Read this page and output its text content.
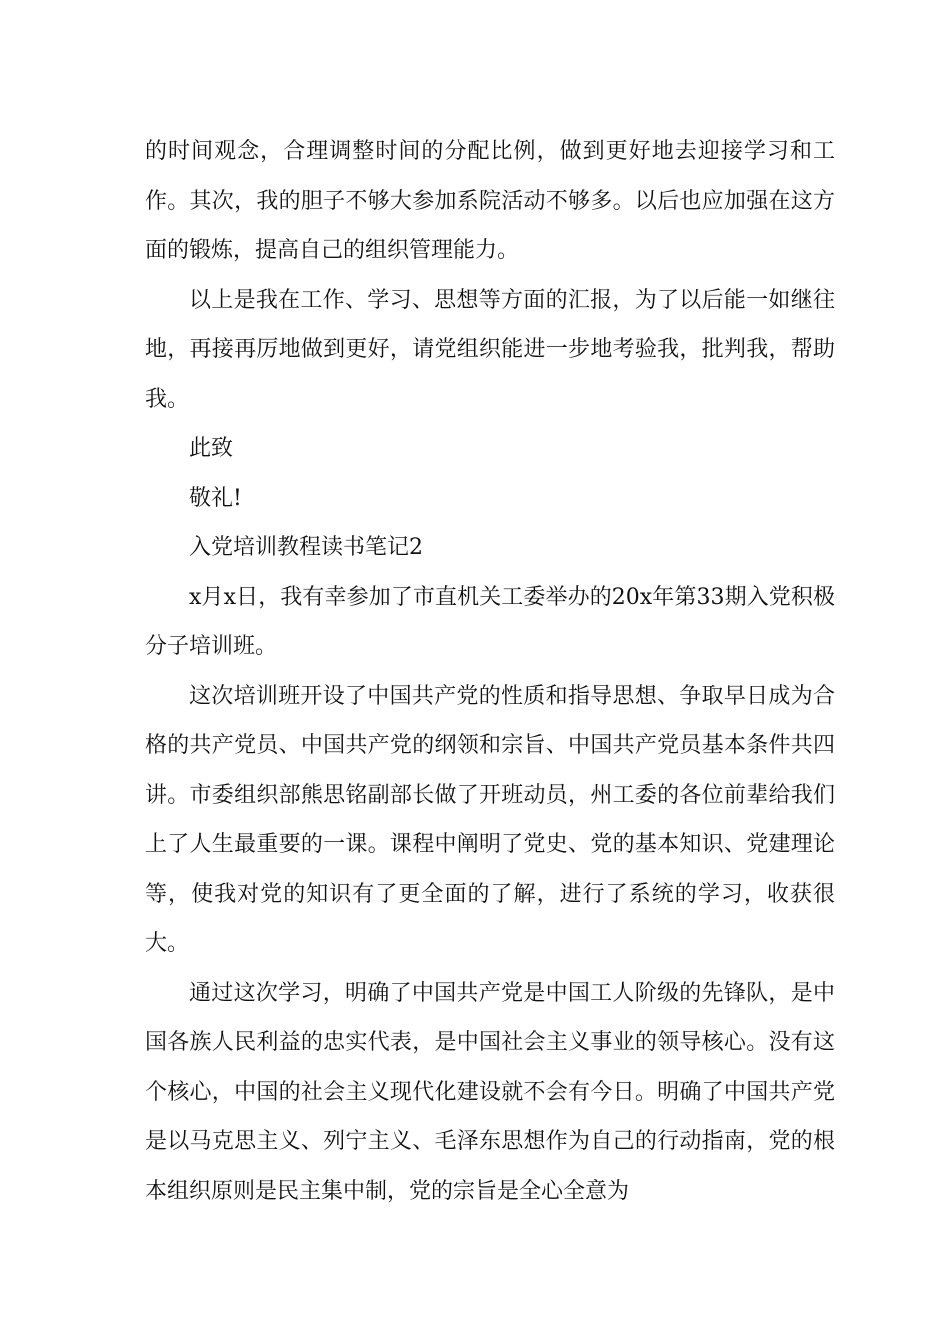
的时间观念，合理调整时间的分配比例，做到更好地去迎接学习和工作。其次，我的胆子不够大参加系院活动不够多。以后也应加强在这方面的锻炼，提高自己的组织管理能力。

以上是我在工作、学习、思想等方面的汇报，为了以后能一如继往地，再接再厉地做到更好，请党组织能进一步地考验我，批判我，帮助我。

此致

敬礼!

入党培训教程读书笔记2

x月x日，我有幸参加了市直机关工委举办的20x年第33期入党积极分子培训班。

这次培训班开设了中国共产党的性质和指导思想、争取早日成为合格的共产党员、中国共产党的纲领和宗旨、中国共产党员基本条件共四讲。市委组织部熊思铭副部长做了开班动员，州工委的各位前辈给我们上了人生最重要的一课。课程中阐明了党史、党的基本知识、党建理论等，使我对党的知识有了更全面的了解，进行了系统的学习，收获很大。

通过这次学习，明确了中国共产党是中国工人阶级的先锋队，是中国各族人民利益的忠实代表，是中国社会主义事业的领导核心。没有这个核心，中国的社会主义现代化建设就不会有今日。明确了中国共产党是以马克思主义、列宁主义、毛泽东思想作为自己的行动指南，党的根本组织原则是民主集中制，党的宗旨是全心全意为
